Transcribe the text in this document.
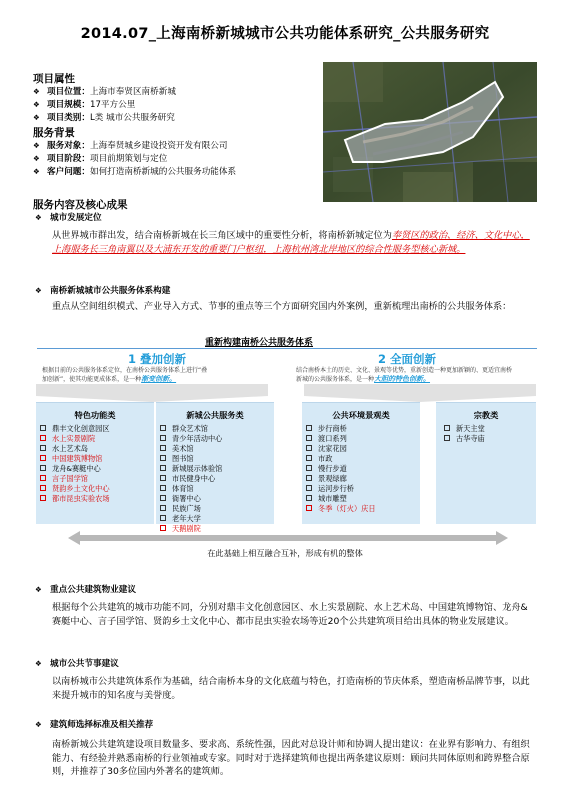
2014.07_上海南桥新城城市公共功能体系研究_公共服务研究
项目属性
❖ 项目位置：上海市奉贤区南桥新城
❖ 项目规模：17平方公里
❖ 项目类别：L类 城市公共服务研究
服务背景
❖ 服务对象：上海奉贤城乡建设投资开发有限公司
❖ 项目阶段：项目前期策划与定位
❖ 客户问题：如何打造南桥新城的公共服务功能体系
服务内容及核心成果
❖ 城市发展定位
从世界城市群出发，结合南桥新城在长三角区域中的重要性分析，将南桥新城定位为奉贤区的政治、经济、文化中心，上海服务长三角南翼以及大浦东开发的重要门户枢纽，上海杭州湾北岸地区的综合性服务型核心新城。
❖ 南桥新城城市公共服务体系构建
重点从空间组织模式、产业导入方式、节事的重点等三个方面研究国内外案例，重新梳理出南桥的公共服务体系：
重新构建南桥公共服务体系
1 叠加创新
根据目前的公共服务体系定位，在南桥公共服务体系上进行“叠
加创新”，使其功能更成体系，是一种渐变创新。
2 全面创新
结合南桥本土的历史、文化、景观等优势，重新创造一种更加新颖的、更适宜南桥
新城的公共服务体系，是一种大胆的特色创新。
特色功能类
鼎丰文化创意园区
水上实景剧院
水上艺术岛
中国建筑博物馆
龙舟&赛艇中心
言子国学馆
贤韵乡土文化中心
都市昆虫实验农场
新城公共服务类
群众艺术馆
青少年活动中心
美术馆
图书馆
新城展示体验馆
市民健身中心
体育馆
衙署中心
民族广场
老年大学
天鹅剧院
公共环境景观类
步行商桥
渡口系列
沈家花园
市政
慢行步道
景观绿廊
运河步行桥
城市雕塑
冬季（灯火）庆日
宗教类
新天主堂
古华寺庙
在此基础上相互融合互补，形成有机的整体
❖ 重点公共建筑物业建议
根据每个公共建筑的城市功能不同，分别对鼎丰文化创意园区、水上实景剧院、水上艺术岛、中国建筑博物馆、龙舟&赛艇中心、言子国学馆、贤韵乡土文化中心、都市昆虫实验农场等近20个公共建筑项目给出具体的物业发展建议。
❖ 城市公共节事建议
以南桥城市公共建筑体系作为基础，结合南桥本身的文化底蕴与特色，打造南桥的节庆体系，塑造南桥品牌节事，以此来提升城市的知名度与美誉度。
❖ 建筑师选择标准及相关推荐
南桥新城公共建筑建设项目数量多、要求高、系统性强，因此对总设计师和协调人提出建议：在业界有影响力、有组织能力、有经验并熟悉南桥的行业领袖或专家。同时对于选择建筑师也提出两条建议原则：顾问共同体原则和跨界整合原则，并推荐了30多位国内外著名的建筑师。
